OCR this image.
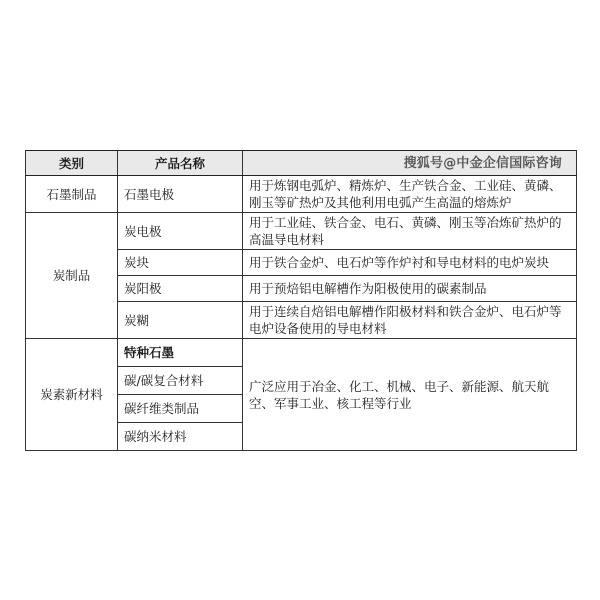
类别	产品名称	搜狐号@中金企信国际咨询
石墨制品	石墨电极	用于炼钢电弧炉、精炼炉、生产铁合金、工业硅、黄磷、刚玉等矿热炉及其他利用电弧产生高温的熔炼炉
炭制品	炭电极	用于工业硅、铁合金、电石、黄磷、刚玉等冶炼矿热炉的高温导电材料
	炭块	用于铁合金炉、电石炉等作炉衬和导电材料的电炉炭块
	炭阳极	用于预焙铝电解槽作为阳极使用的碳素制品
	炭糊	用于连续自焙铝电解槽作阳极材料和铁合金炉、电石炉等电炉设备使用的导电材料
炭素新材料	特种石墨	广泛应用于冶金、化工、机械、电子、新能源、航天航空、军事工业、核工程等行业
	碳/碳复合材料	
	碳纤维类制品	
	碳纳米材料	
